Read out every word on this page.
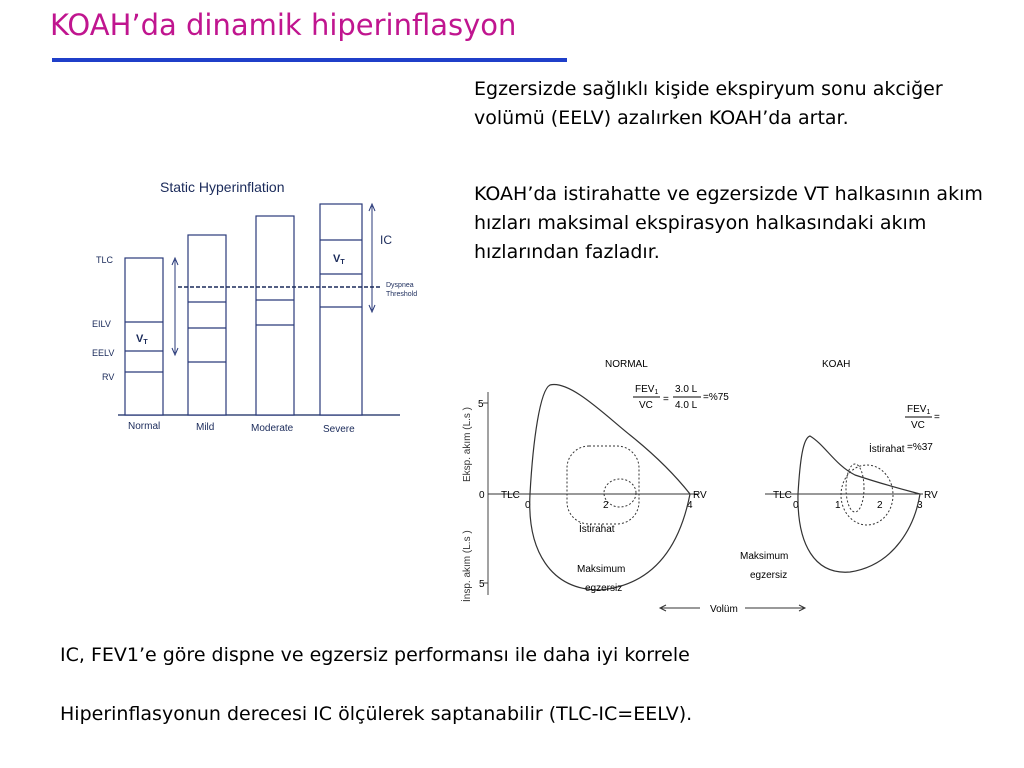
KOAH’da dinamik hiperinflasyon
Egzersizde sağlıklı kişide ekspiryum sonu akciğer volümü (EELV) azalırken KOAH’da artar.
KOAH’da istirahatte ve egzersizde VT halkasının akım hızları maksimal ekspirasyon halkasındaki akım hızlarından fazladır.
Static Hyperinflation
TLC
EILV
EELV
RV
VT
VT
IC
Dyspnea Threshold
Normal	Mild	Moderate	Severe	Eksp. akım (L.s )
İnsp. akım (L.s )
5
0
5
NORMAL
$FEV_1$
VC
=
3.0 L
4.0 L
=%75
TLC	RV
0	2	4
İstirahat
Maksimum egzersiz
KOAH
$FEV_1$
VC
=
=%37
TLC	RV
0	1	2	3
İstirahat
Maksimum egzersiz
Volüm
IC, FEV1’e göre dispne ve egzersiz performansı ile daha iyi korrele
Hiperinflasyonun derecesi IC ölçülerek saptanabilir (TLC-IC=EELV).
